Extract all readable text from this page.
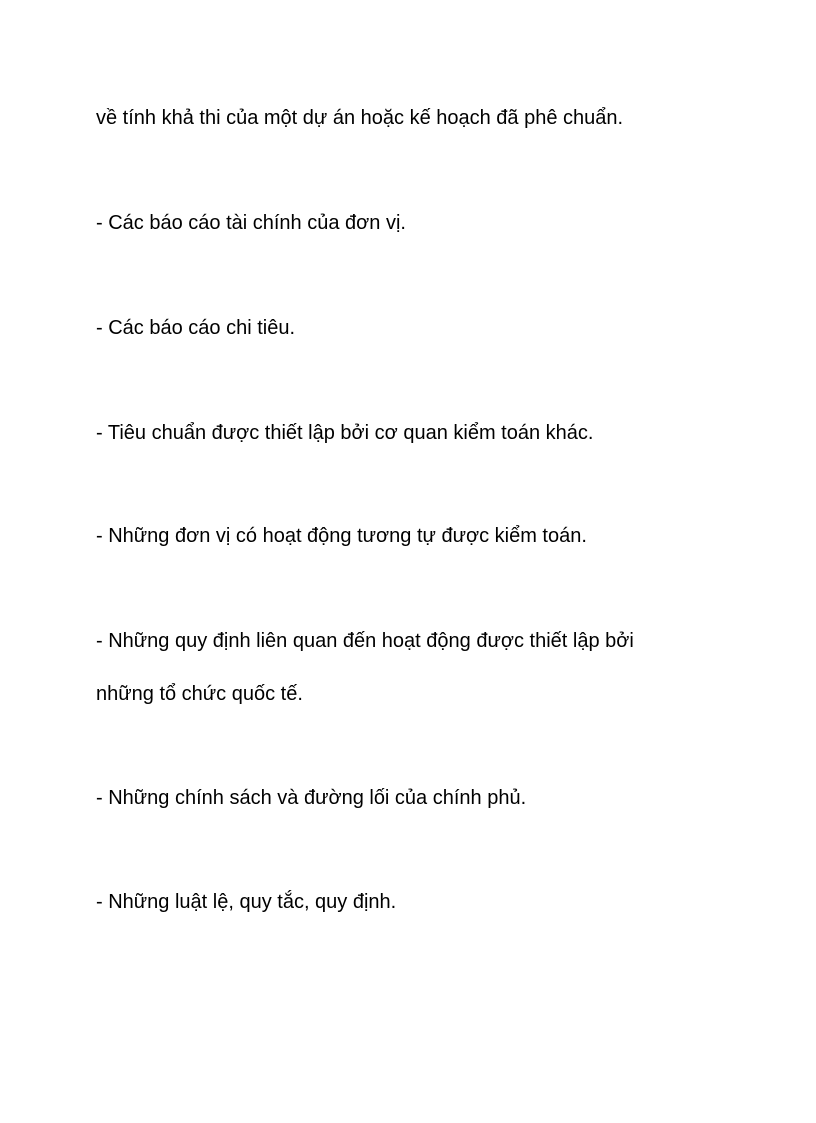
về tính khả thi của một dự án hoặc kế hoạch đã phê chuẩn.

- Các báo cáo tài chính của đơn vị.

- Các báo cáo chi tiêu.

- Tiêu chuẩn được thiết lập bởi cơ quan kiểm toán khác.

- Những đơn vị có hoạt động tương tự được kiểm toán.

- Những quy định liên quan đến hoạt động được thiết lập bởi

những tổ chức quốc tế.

- Những chính sách và đường lối của chính phủ.

- Những luật lệ, quy tắc, quy định.
